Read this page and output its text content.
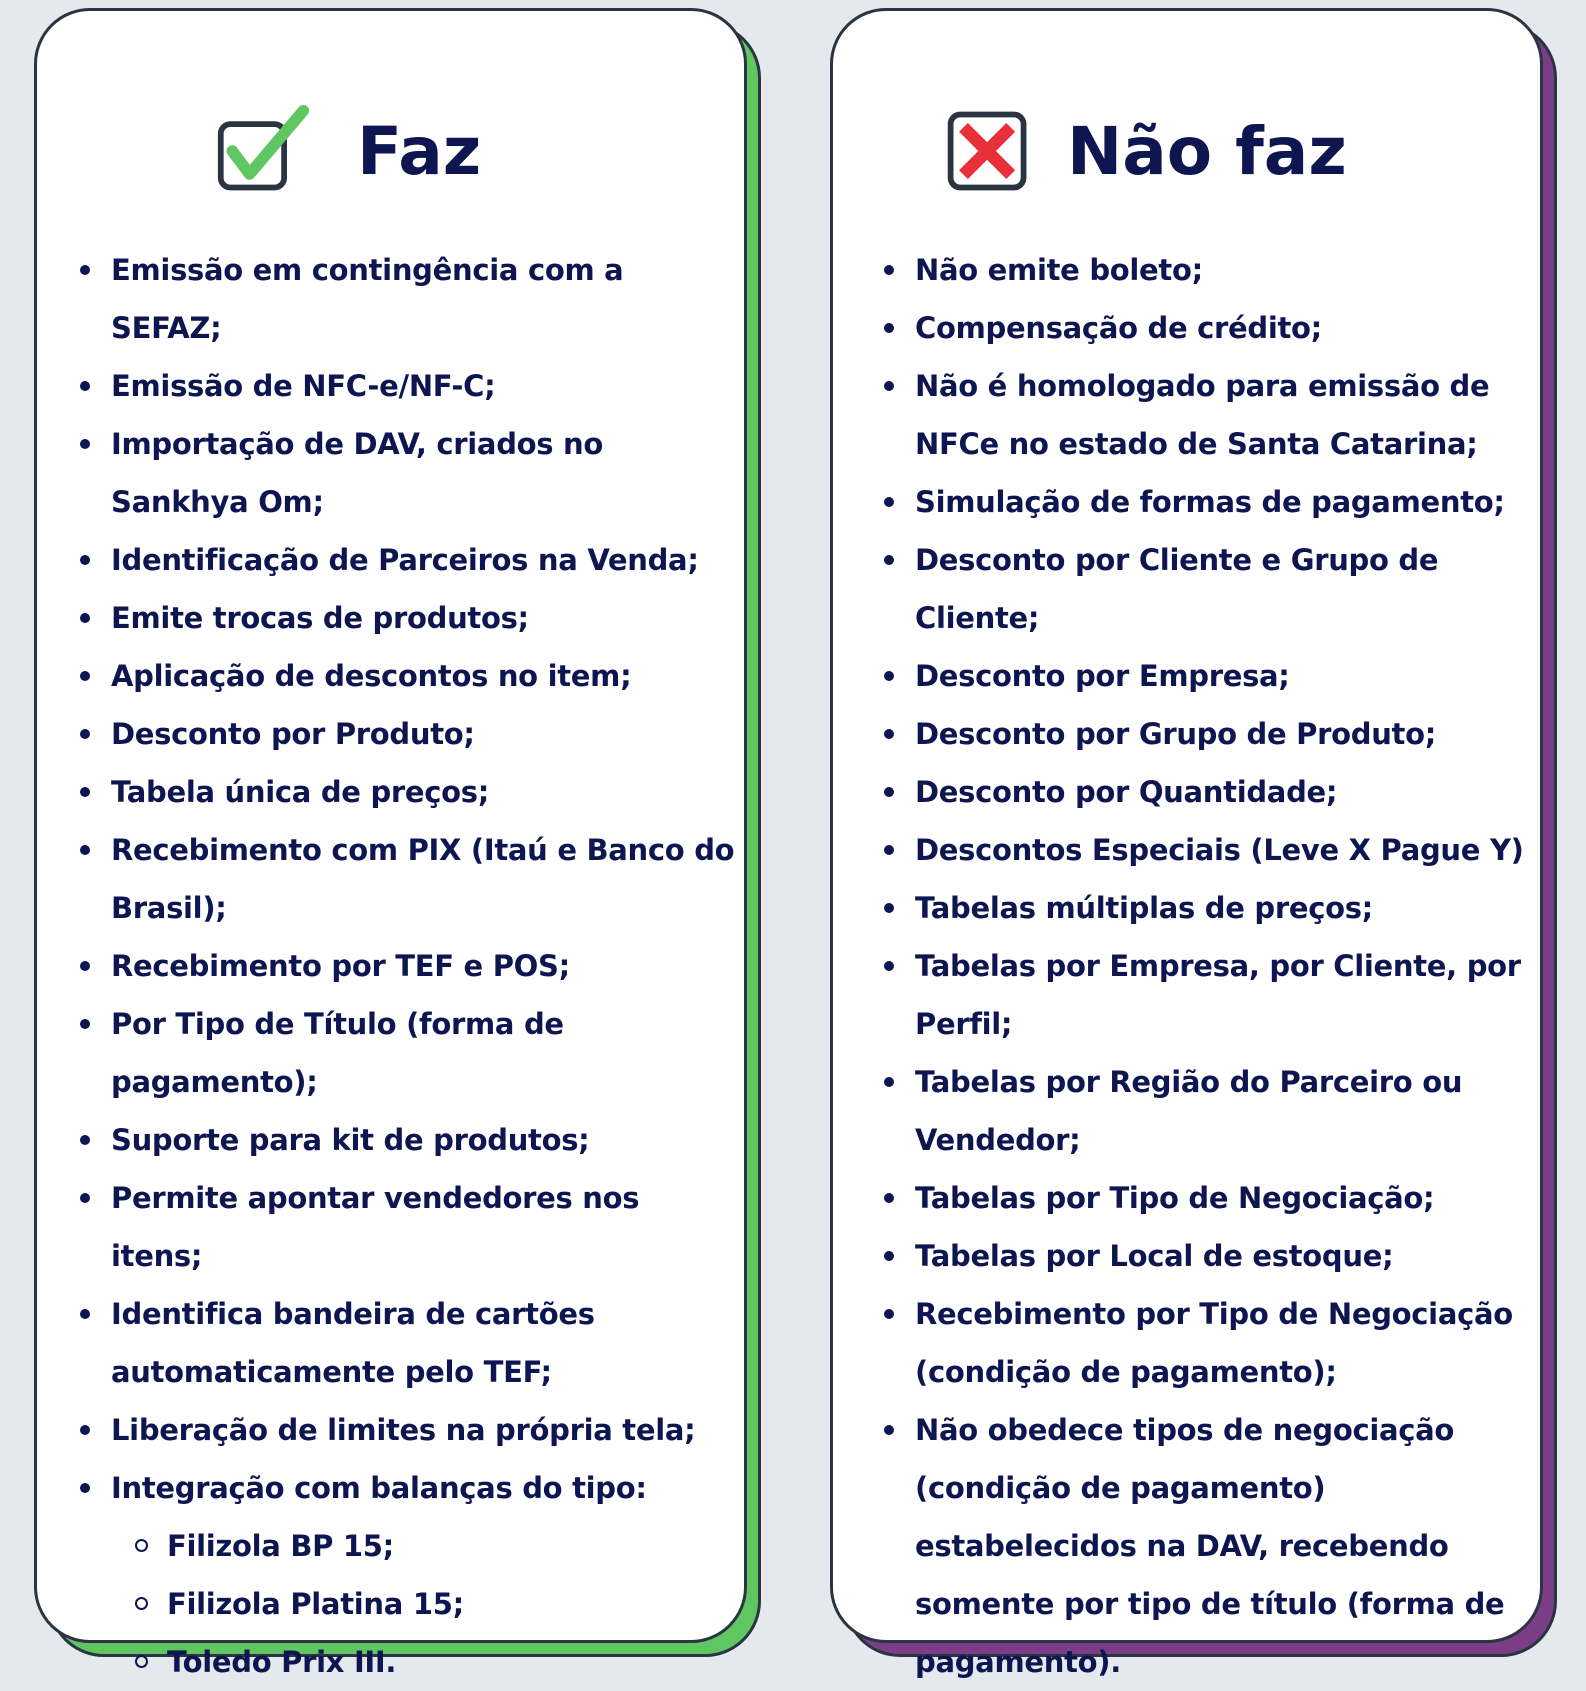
Faz
Emissão em contingência com a SEFAZ;
Emissão de NFC-e/NF-C;
Importação de DAV, criados no Sankhya Om;
Identificação de Parceiros na Venda;
Emite trocas de produtos;
Aplicação de descontos no item;
Desconto por Produto;
Tabela única de preços;
Recebimento com PIX (Itaú e Banco do Brasil);
Recebimento por TEF e POS;
Por Tipo de Título (forma de pagamento);
Suporte para kit de produtos;
Permite apontar vendedores nos itens;
Identifica bandeira de cartões automaticamente pelo TEF;
Liberação de limites na própria tela;
Integração com balanças do tipo:
Filizola BP 15;
Filizola Platina 15;
Toledo Prix III.
Não faz
Não emite boleto;
Compensação de crédito;
Não é homologado para emissão de NFCe no estado de Santa Catarina;
Simulação de formas de pagamento;
Desconto por Cliente e Grupo de Cliente;
Desconto por Empresa;
Desconto por Grupo de Produto;
Desconto por Quantidade;
Descontos Especiais (Leve X Pague Y)
Tabelas múltiplas de preços;
Tabelas por Empresa, por Cliente, por Perfil;
Tabelas por Região do Parceiro ou Vendedor;
Tabelas por Tipo de Negociação;
Tabelas por Local de estoque;
Recebimento por Tipo de Negociação (condição de pagamento);
Não obedece tipos de negociação (condição de pagamento) estabelecidos na DAV, recebendo somente por tipo de título (forma de pagamento).
